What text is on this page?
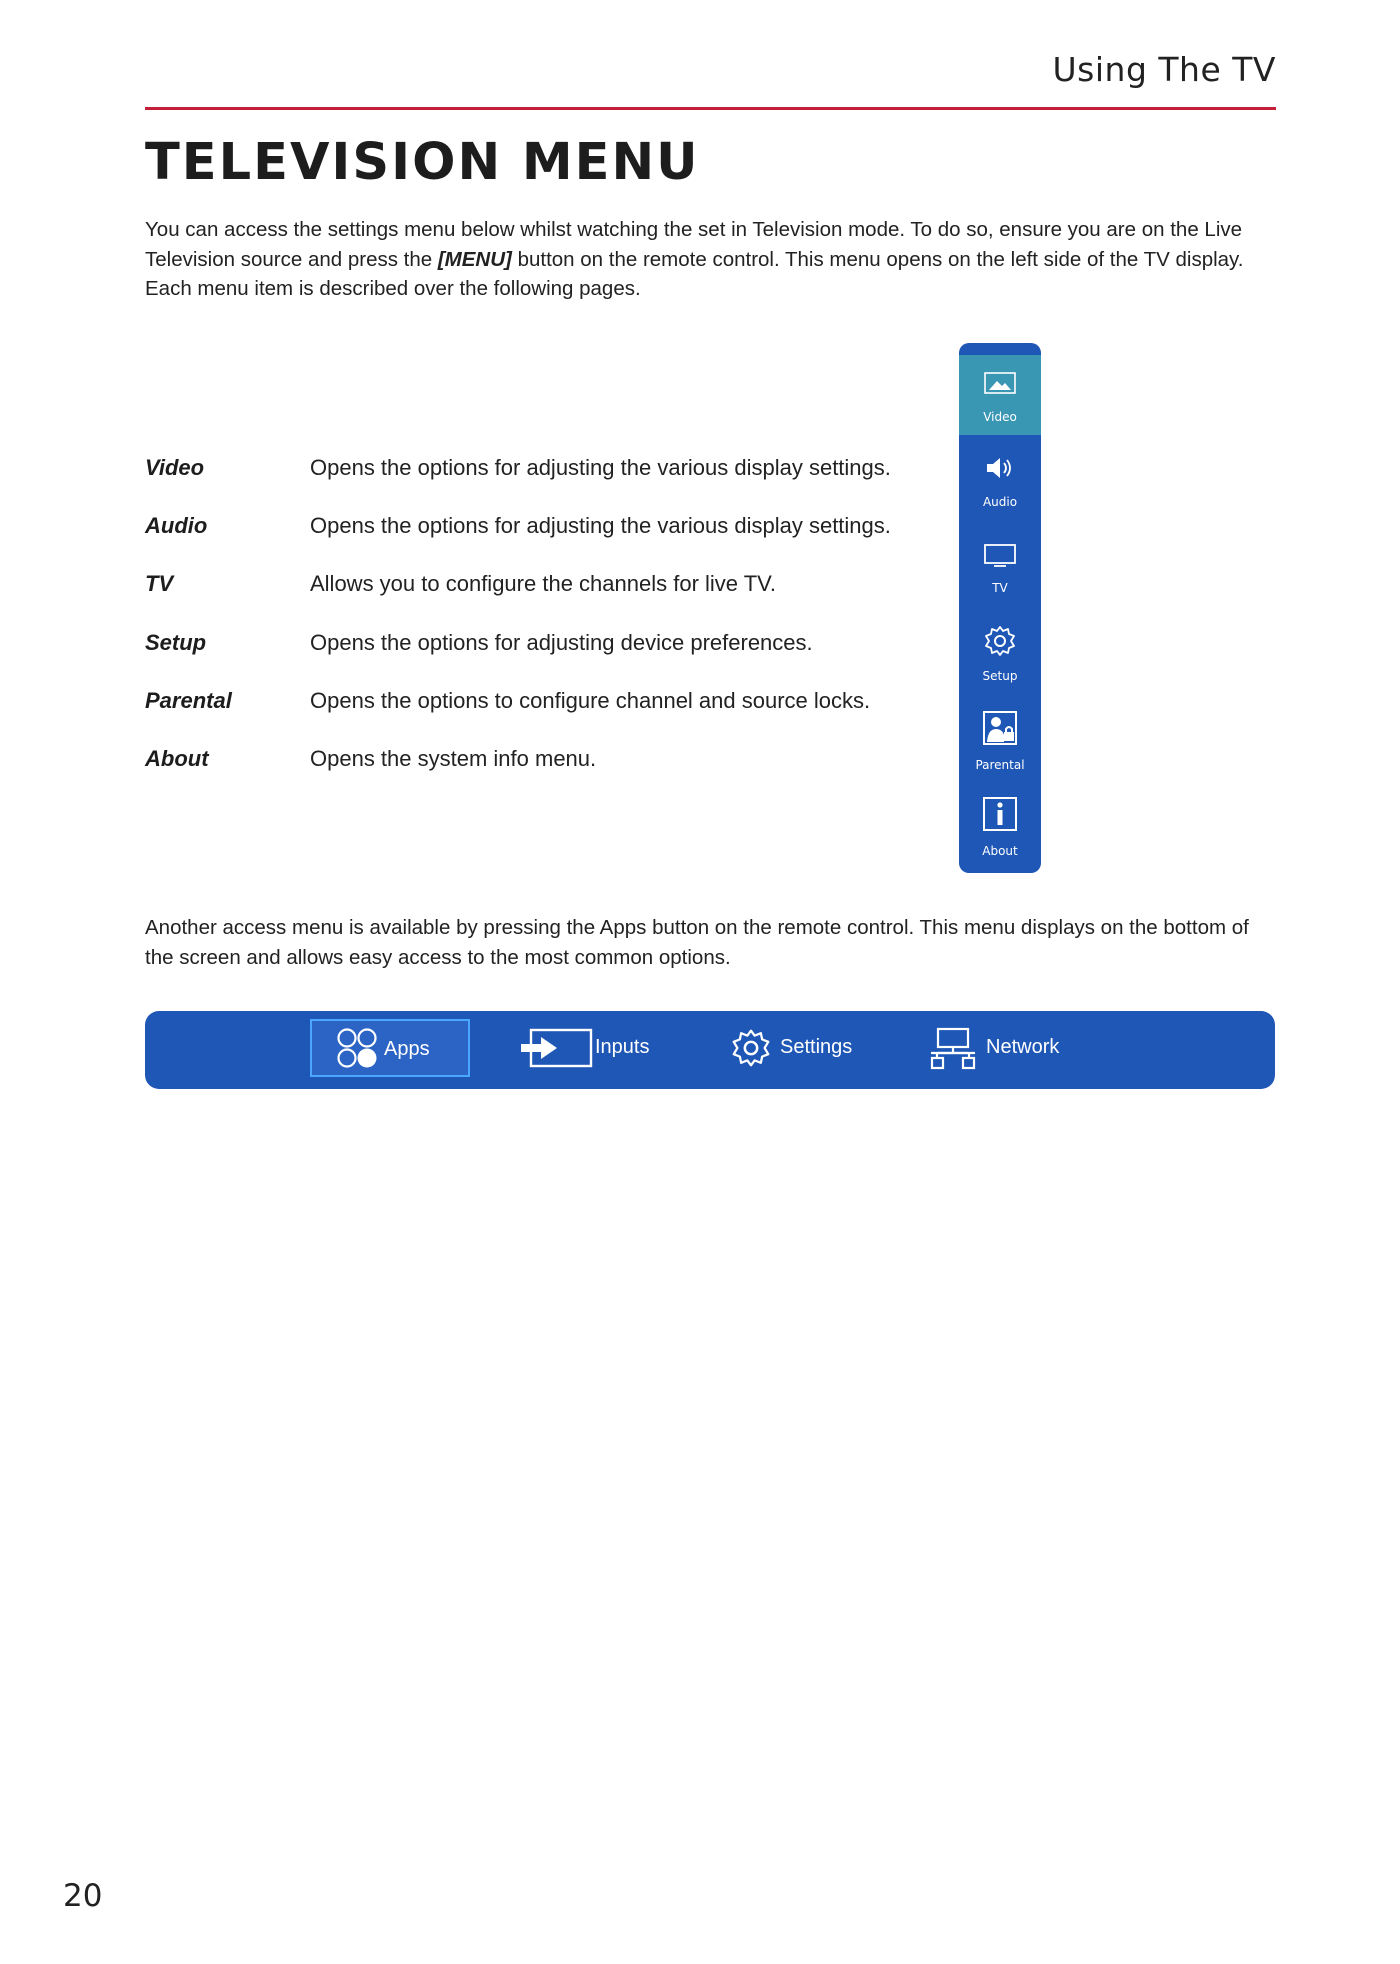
Using The TV
TELEVISION MENU
You can access the settings menu below whilst watching the set in Television mode. To do so, ensure you are on the Live Television source and press the [MENU] button on the remote control. This menu opens on the left side of the TV display. Each menu item is described over the following pages.
Video	Opens the options for adjusting the various display settings.
Audio	Opens the options for adjusting the various display settings.
TV	Allows you to configure the channels for live TV.
Setup	Opens the options for adjusting device preferences.
Parental	Opens the options to configure channel and source locks.
About	Opens the system info menu.
Video
Audio
TV
Setup
Parental
About
Another access menu is available by pressing the Apps button on the remote control. This menu displays on the bottom of the screen and allows easy access to the most common options.
Apps	Inputs	Settings	Network
20
